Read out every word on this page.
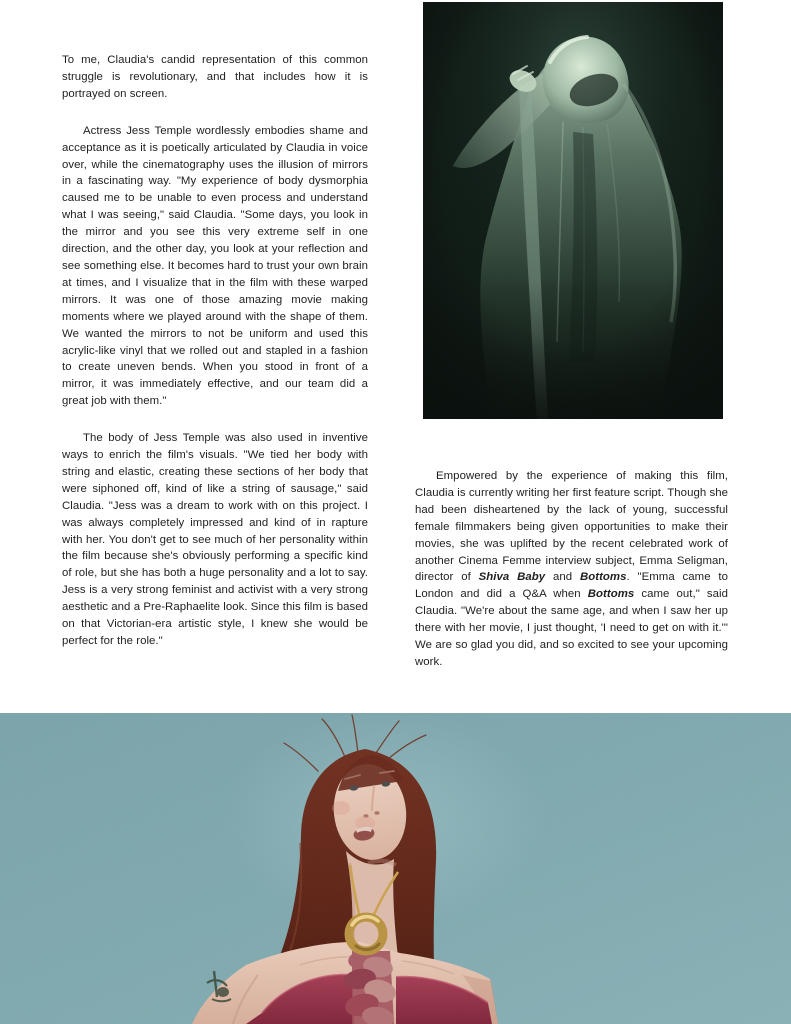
To me, Claudia's candid representation of this common struggle is revolutionary, and that includes how it is portrayed on screen.

Actress Jess Temple wordlessly embodies shame and acceptance as it is poetically articulated by Claudia in voice over, while the cinematography uses the illusion of mirrors in a fascinating way. "My experience of body dysmorphia caused me to be unable to even process and understand what I was seeing," said Claudia. "Some days, you look in the mirror and you see this very extreme self in one direction, and the other day, you look at your reflection and see something else. It becomes hard to trust your own brain at times, and I visualize that in the film with these warped mirrors. It was one of those amazing movie making moments where we played around with the shape of them. We wanted the mirrors to not be uniform and used this acrylic-like vinyl that we rolled out and stapled in a fashion to create uneven bends. When you stood in front of a mirror, it was immediately effective, and our team did a great job with them."

The body of Jess Temple was also used in inventive ways to enrich the film's visuals. "We tied her body with string and elastic, creating these sections of her body that were siphoned off, kind of like a string of sausage," said Claudia. "Jess was a dream to work with on this project. I was always completely impressed and kind of in rapture with her. You don't get to see much of her personality within the film because she's obviously performing a specific kind of role, but she has both a huge personality and a lot to say. Jess is a very strong feminist and activist with a very strong aesthetic and a Pre-Raphaelite look. Since this film is based on that Victorian-era artistic style, I knew she would be perfect for the role."

Empowered by the experience of making this film, Claudia is currently writing her first feature script. Though she had been disheartened by the lack of young, successful female filmmakers being given opportunities to make their movies, she was uplifted by the recent celebrated work of another Cinema Femme interview subject, Emma Seligman, director of Shiva Baby and Bottoms. "Emma came to London and did a Q&A when Bottoms came out," said Claudia. "We're about the same age, and when I saw her up there with her movie, I just thought, 'I need to get on with it.'" We are so glad you did, and so excited to see your upcoming work.
